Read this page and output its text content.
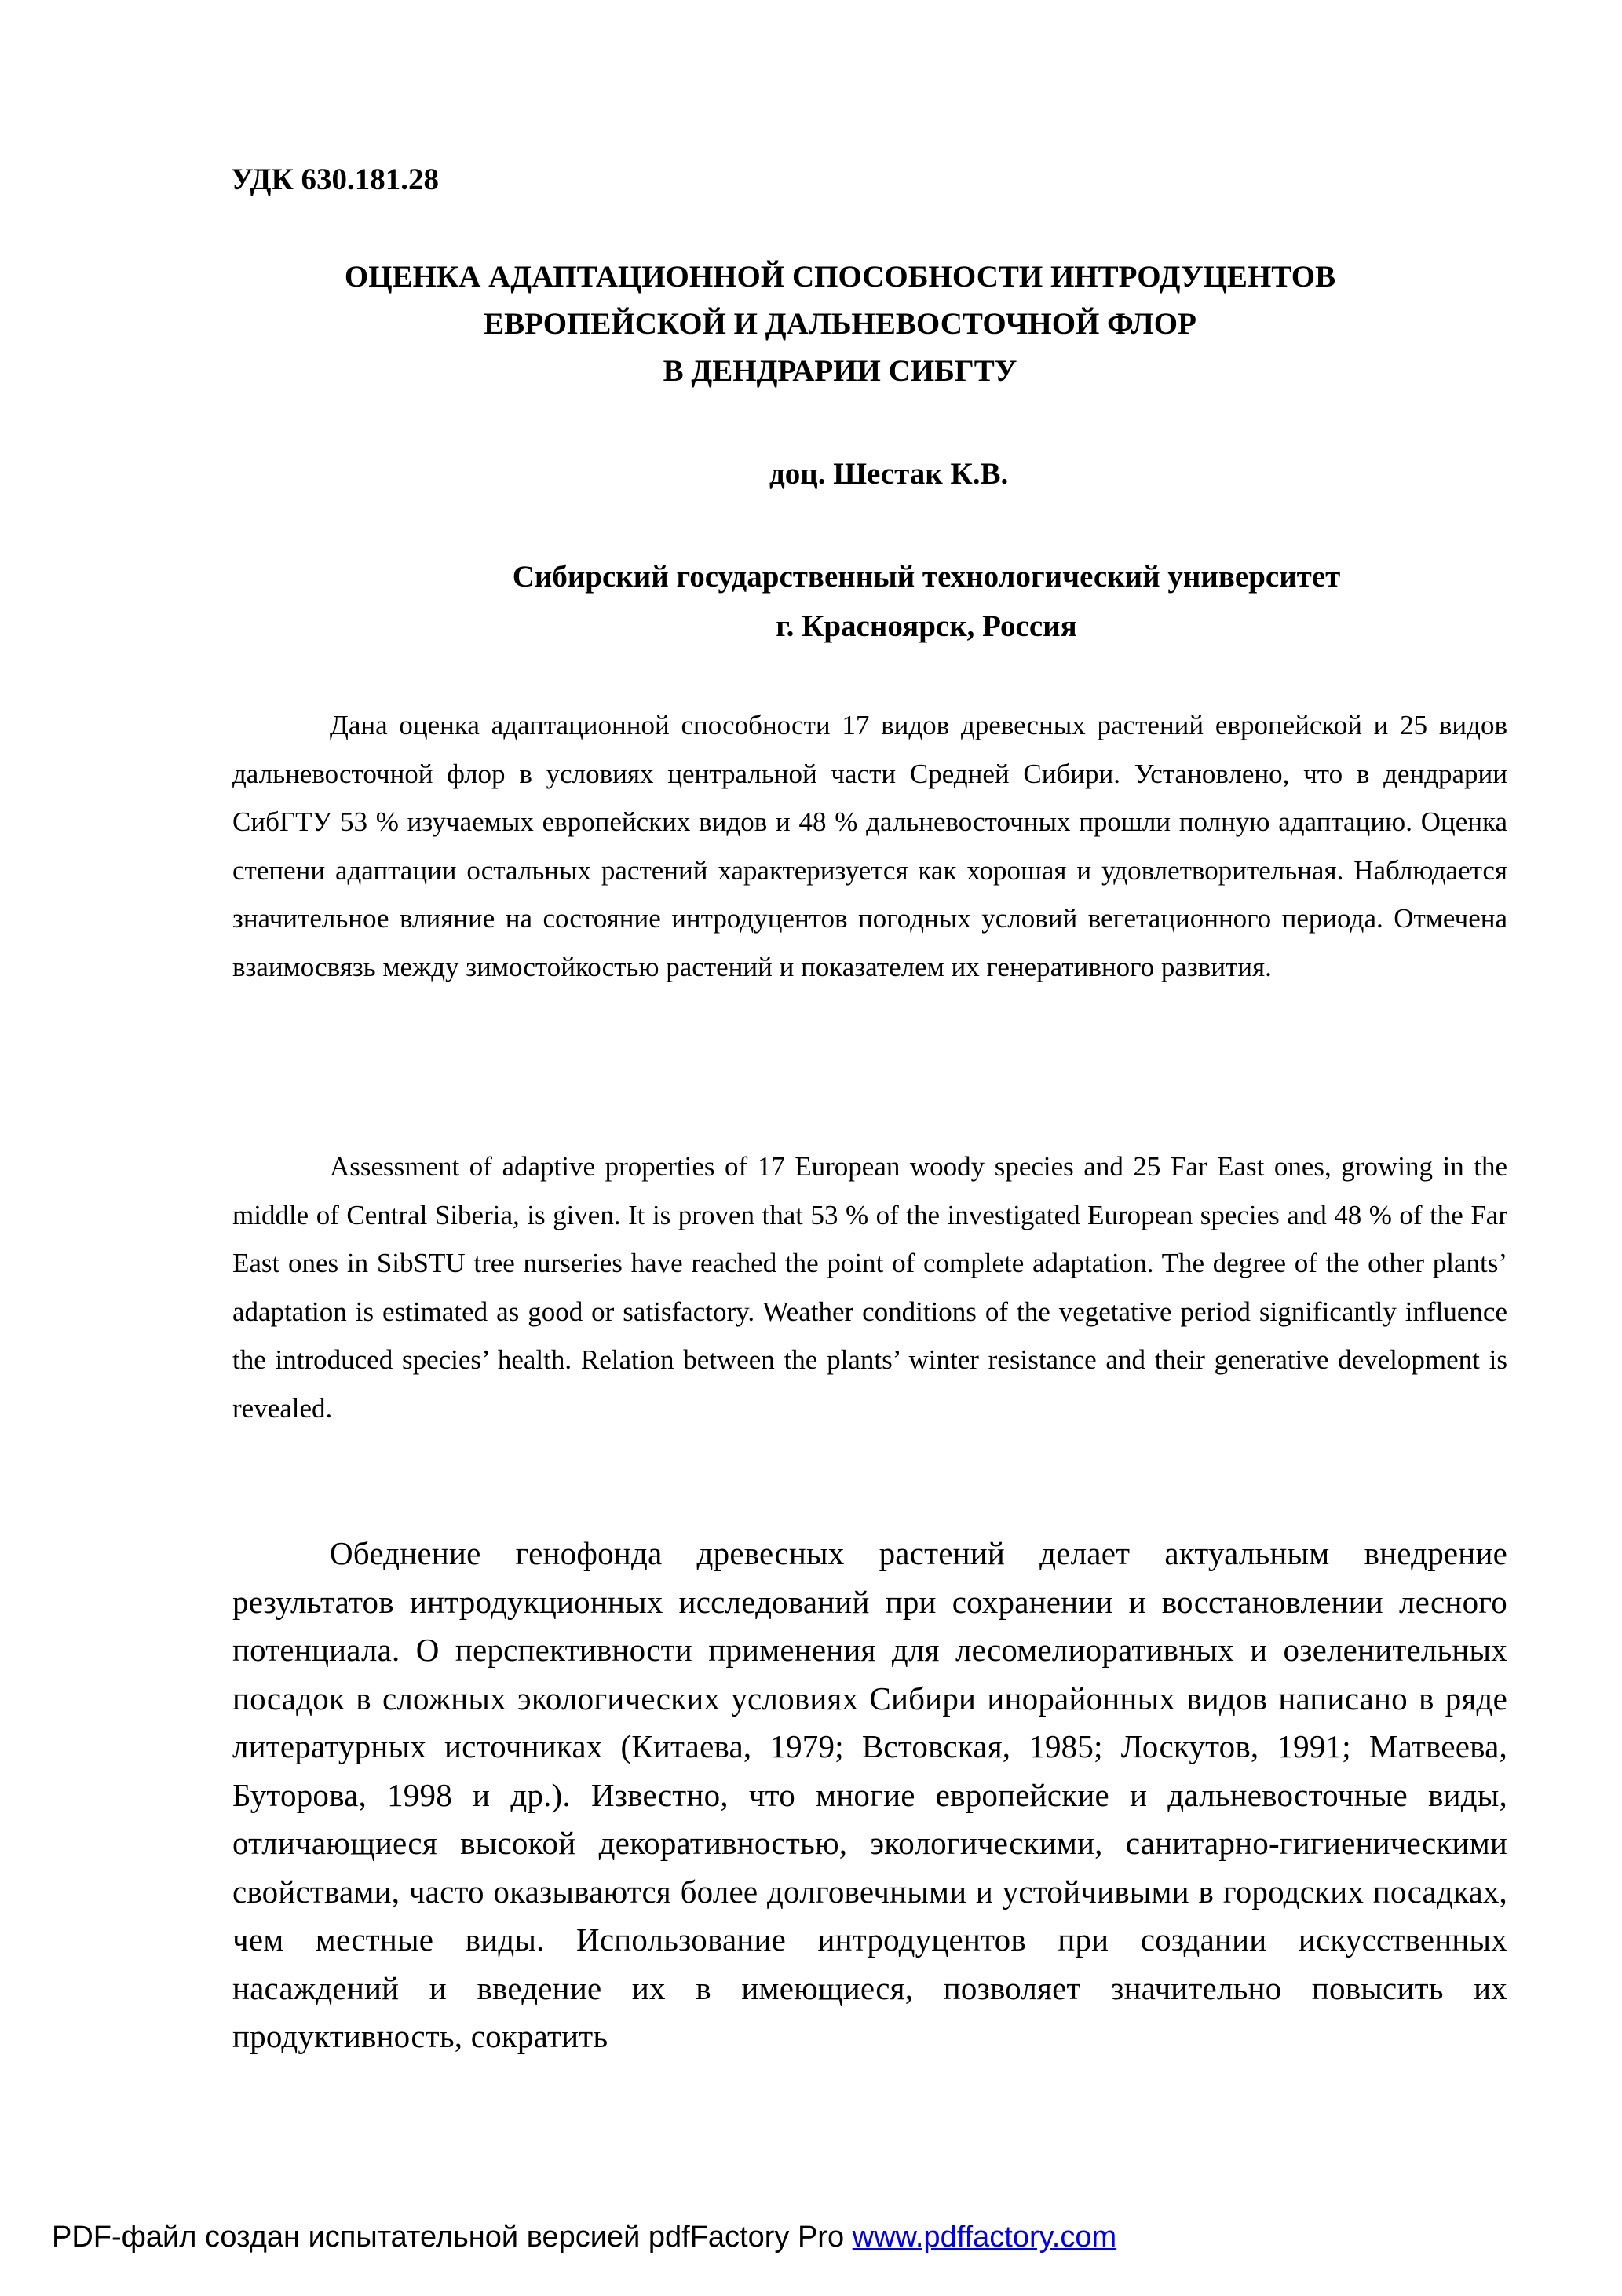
УДК 630.181.28
ОЦЕНКА АДАПТАЦИОННОЙ СПОСОБНОСТИ ИНТРОДУЦЕНТОВ
ЕВРОПЕЙСКОЙ И ДАЛЬНЕВОСТОЧНОЙ ФЛОР
В ДЕНДРАРИИ СИБГТУ
доц. Шестак К.В.
Сибирский государственный технологический университет
г. Красноярск, Россия

Дана оценка адаптационной способности 17 видов древесных растений европейской и 25 видов дальневосточной флор в условиях центральной части Средней Сибири. Установлено, что в дендрарии СибГТУ 53 % изучаемых европейских видов и 48 % дальневосточных прошли полную адаптацию. Оценка степени адаптации остальных растений характеризуется как хорошая и удовлетворительная. Наблюдается значительное влияние на состояние интродуцентов погодных условий вегетационного периода. Отмечена взаимосвязь между зимостойкостью растений и показателем их генеративного развития.

Assessment of adaptive properties of 17 European woody species and 25 Far East ones, growing in the middle of Central Siberia, is given. It is proven that 53 % of the investigated European species and 48 % of the Far East ones in SibSTU tree nurseries have reached the point of complete adaptation. The degree of the other plants’ adaptation is estimated as good or satisfactory. Weather conditions of the vegetative period significantly influence the introduced species’ health. Relation between the plants’ winter resistance and their generative development is revealed.

Обеднение генофонда древесных растений делает актуальным внедрение результатов интродукционных исследований при сохранении и восстановлении лесного потенциала. О перспективности применения для лесомелиоративных и озеленительных посадок в сложных экологических условиях Сибири инорайонных видов написано в ряде литературных источниках (Китаева, 1979; Встовская, 1985; Лоскутов, 1991; Матвеева, Буторова, 1998 и др.). Известно, что многие европейские и дальневосточные виды, отличающиеся высокой декоративностью, экологическими, санитарно-гигиеническими свойствами, часто оказываются более долговечными и устойчивыми в городских посадках, чем местные виды. Использование интродуцентов при создании искусственных насаждений и введение их в имеющиеся, позволяет значительно повысить их продуктивность, сократить

PDF-файл создан испытательной версией pdfFactory Pro www.pdffactory.com
